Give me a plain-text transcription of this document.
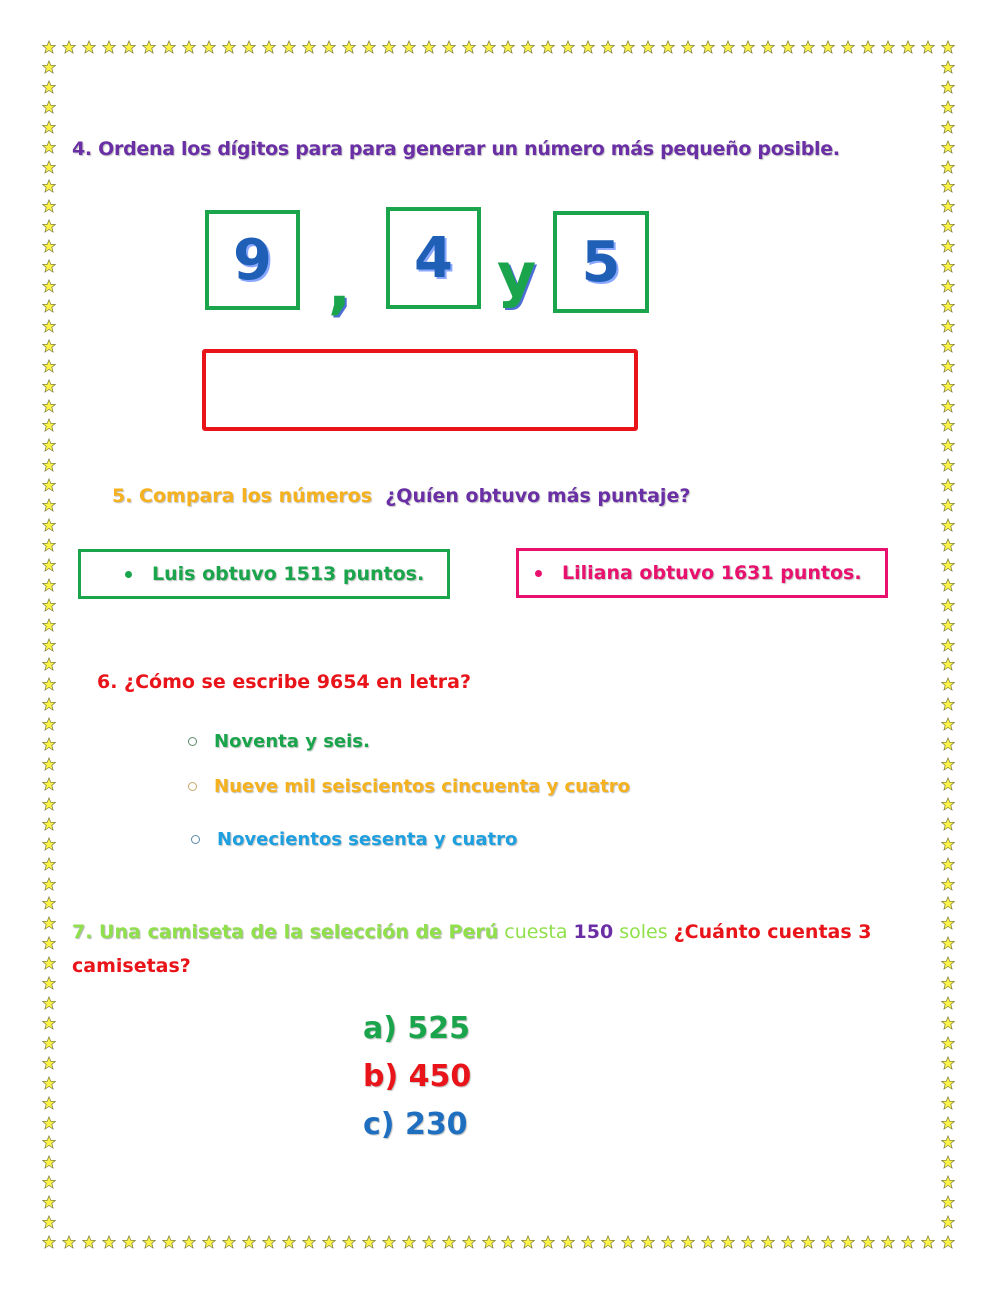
4. Ordena los dígitos para para generar un número más pequeño posible.
9 , 4 y 5
5. Compara los números ¿Quíen obtuvo más puntaje?
Luis obtuvo 1513 puntos.	Liliana obtuvo 1631 puntos.
6. ¿Cómo se escribe 9654 en letra?
Noventa y seis.
Nueve mil seiscientos cincuenta y cuatro
Novecientos sesenta y cuatro
7. Una camiseta de la selección de Perú cuesta 150 soles ¿Cuánto cuentas 3 camisetas?
a) 525
b) 450
c) 230
